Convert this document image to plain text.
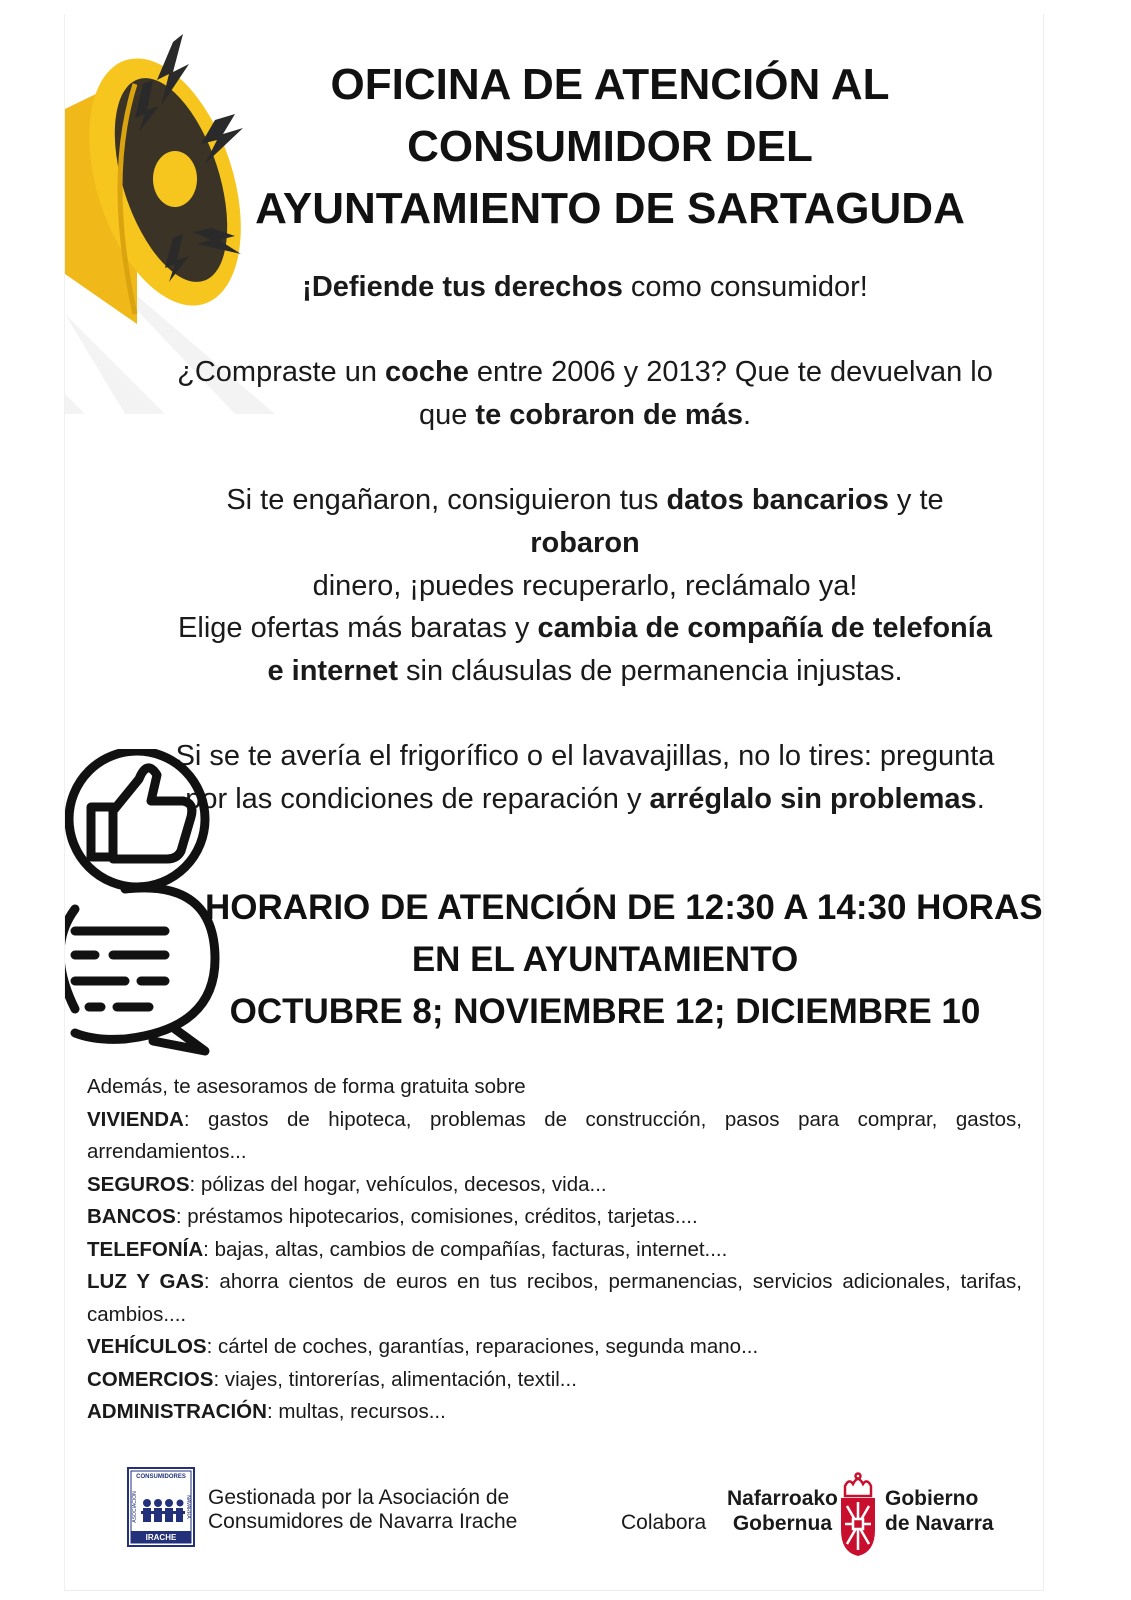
OFICINA DE ATENCIÓN AL
CONSUMIDOR DEL
AYUNTAMIENTO DE SARTAGUDA
¡Defiende tus derechos como consumidor!
¿Compraste un coche entre 2006 y 2013? Que te devuelvan lo
que te cobraron de más.
Si te engañaron, consiguieron tus datos bancarios y te robaron
dinero, ¡puedes recuperarlo, reclámalo ya!
Elige ofertas más baratas y cambia de compañía de telefonía
e internet sin cláusulas de permanencia injustas.
Si se te avería el frigorífico o el lavavajillas, no lo tires: pregunta
por las condiciones de reparación y arréglalo sin problemas.
HORARIO DE ATENCIÓN DE 12:30 A 14:30 HORAS
EN EL AYUNTAMIENTO
OCTUBRE 8; NOVIEMBRE 12; DICIEMBRE 10
Además, te asesoramos de forma gratuita sobre
VIVIENDA: gastos de hipoteca, problemas de construcción, pasos para comprar, gastos, arrendamientos...
SEGUROS: pólizas del hogar, vehículos, decesos, vida...
BANCOS: préstamos hipotecarios, comisiones, créditos, tarjetas....
TELEFONÍA: bajas, altas, cambios de compañías, facturas, internet....
LUZ Y GAS: ahorra cientos de euros en tus recibos, permanencias, servicios adicionales, tarifas, cambios....
VEHÍCULOS: cártel de coches, garantías, reparaciones, segunda mano...
COMERCIOS: viajes, tintorerías, alimentación, textil...
ADMINISTRACIÓN: multas, recursos...
CONSUMIDORES
ASOCIACIÓN	NAVARRA
IRACHE
Gestionada por la Asociación de
Consumidores de Navarra Irache	Colabora
Nafarroako
Gobernua
Gobierno
de Navarra
